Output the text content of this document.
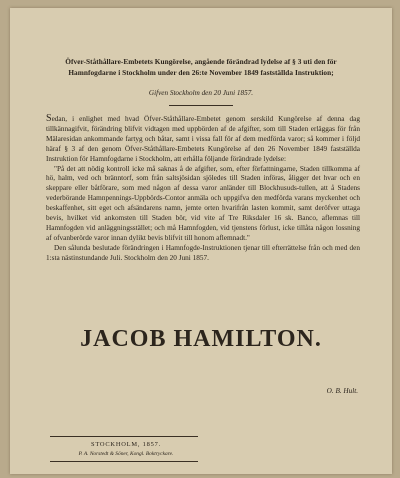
Öfver-Ståthållare-Embetets Kungörelse, angående förändrad lydelse af § 3 uti den för
Hamnfogdarne i Stockholm under den 26:te November 1849 fastställda Instruktion;
Gifven Stockholm den 20 Juni 1857.

Sedan, i enlighet med hvad Öfver-Ståthållare-Embetet genom serskild Kungörelse af denna dag tillkännagifvit, förändring blifvit vidtagen med uppbörden af de afgifter, som till Staden erläggas för från Mälaresidan ankommande fartyg och båtar, samt i vissa fall för af dem medförda varor; så kommer i följd häraf § 3 af den genom Öfver-Ståthållare-Embetets Kungörelse af den 26 November 1849 fastställda Instruktion för Hamnfogdarne i Stockholm, att erhålla följande förändrade lydelse:

"På det att nödig kontroll icke må saknas å de afgifter, som, efter författningarne, Staden tillkomma af hö, halm, ved och bränntorf, som från saltsjösidan sjöledes till Staden införas, åligger det hvar och en skeppare eller båtförare, som med någon af dessa varor anländer till Blockhusuds-tullen, att å Stadens vederbörande Hamnpennings-Uppbörds-Contor anmäla och uppgifva den medförda varans myckenhet och beskaffenhet, sitt eget och afsändarens namn, jemte orten hvarifrån lasten kommit, samt deröfver uttaga bevis, hvilket vid ankomsten till Staden bör, vid vite af Tre Riksdaler 16 sk. Banco, aflemnas till Hamnfogden vid anläggningsstället; och må Hamnfogden, vid tjenstens förlust, icke tillåta någon lossning af ofvanberörde varor innan dylikt bevis blifvit till honom aflemnadt."

Den sålunda beslutade förändringen i Hamnfogde-Instruktionen tjenar till efterrättelse från och med den 1:sta nästinstundande Juli. Stockholm den 20 Juni 1857.

JACOB HAMILTON.
O. B. Hult.
STOCKHOLM, 1857.
P. A. Norstedt & Söner, Kongl. Boktryckare.
